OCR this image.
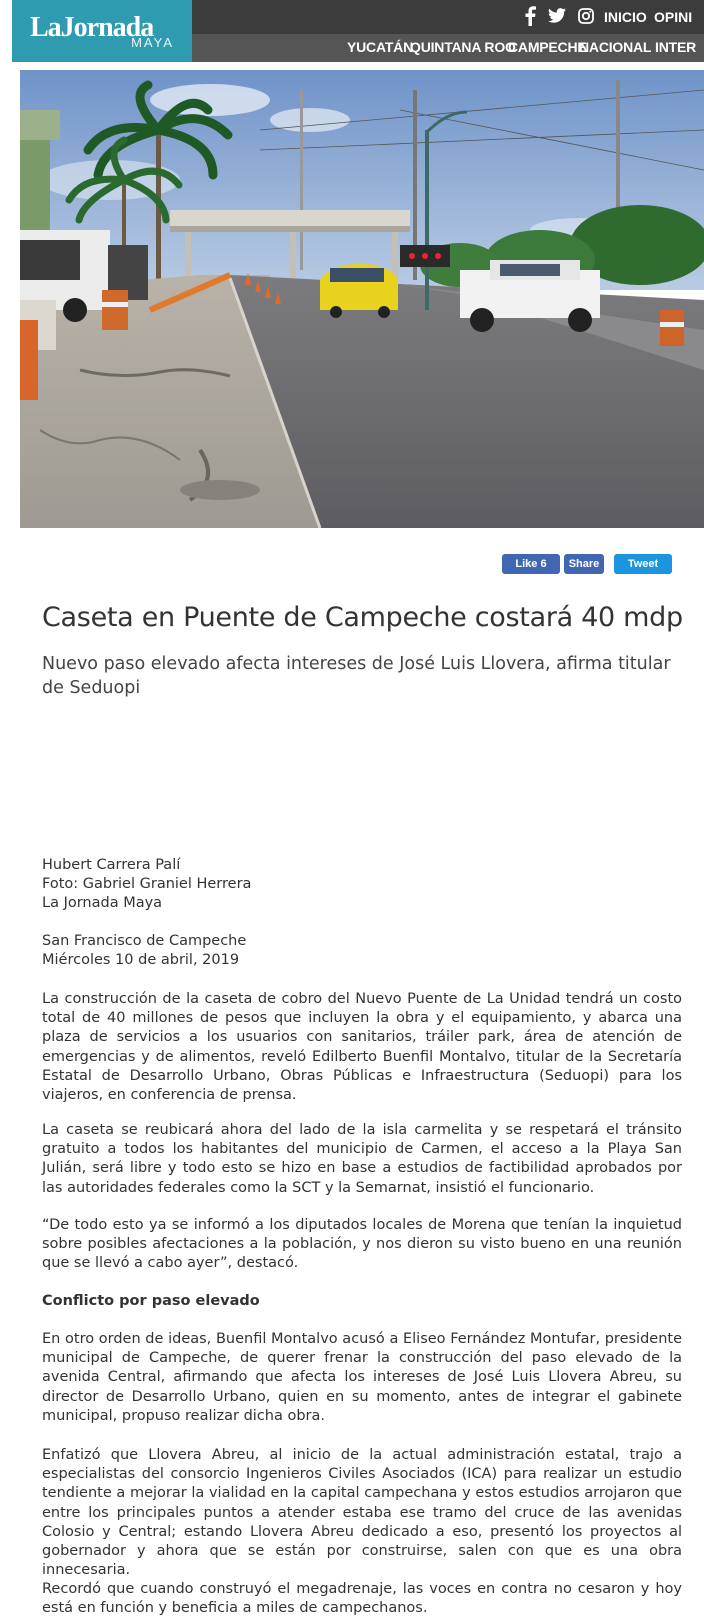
LaJornada
MAYA
INICIO OPINI
YUCATÁN
QUINTANA ROO
CAMPECHE
NACIONAL INTER
Like 6	Share	Tweet
Caseta en Puente de Campeche costará 40 mdp
Nuevo paso elevado afecta intereses de José Luis Llovera, afirma titular de Seduopi
Hubert Carrera Palí
Foto: Gabriel Graniel Herrera
La Jornada Maya
San Francisco de Campeche
Miércoles 10 de abril, 2019
La construcción de la caseta de cobro del Nuevo Puente de La Unidad tendrá un costo total de 40 millones de pesos que incluyen la obra y el equipamiento, y abarca una plaza de servicios a los usuarios con sanitarios, tráiler park, área de atención de emergencias y de alimentos, reveló Edilberto Buenfil Montalvo, titular de la Secretaría Estatal de Desarrollo Urbano, Obras Públicas e Infraestructura (Seduopi) para los viajeros, en conferencia de prensa.
La caseta se reubicará ahora del lado de la isla carmelita y se respetará el tránsito gratuito a todos los habitantes del municipio de Carmen, el acceso a la Playa San Julián, será libre y todo esto se hizo en base a estudios de factibilidad aprobados por las autoridades federales como la SCT y la Semarnat, insistió el funcionario.
“De todo esto ya se informó a los diputados locales de Morena que tenían la inquietud sobre posibles afectaciones a la población, y nos dieron su visto bueno en una reunión que se llevó a cabo ayer”, destacó.
Conflicto por paso elevado
En otro orden de ideas, Buenfil Montalvo acusó a Eliseo Fernández Montufar, presidente municipal de Campeche, de querer frenar la construcción del paso elevado de la avenida Central, afirmando que afecta los intereses de José Luis Llovera Abreu, su director de Desarrollo Urbano, quien en su momento, antes de integrar el gabinete municipal, propuso realizar dicha obra.
Enfatizó que Llovera Abreu, al inicio de la actual administración estatal, trajo a especialistas del consorcio Ingenieros Civiles Asociados (ICA) para realizar un estudio tendiente a mejorar la vialidad en la capital campechana y estos estudios arrojaron que entre los principales puntos a atender estaba ese tramo del cruce de las avenidas Colosio y Central; estando Llovera Abreu dedicado a eso, presentó los proyectos al gobernador y ahora que se están por construirse, salen con que es una obra innecesaria.
Recordó que cuando construyó el megadrenaje, las voces en contra no cesaron y hoy está en función y beneficia a miles de campechanos.
